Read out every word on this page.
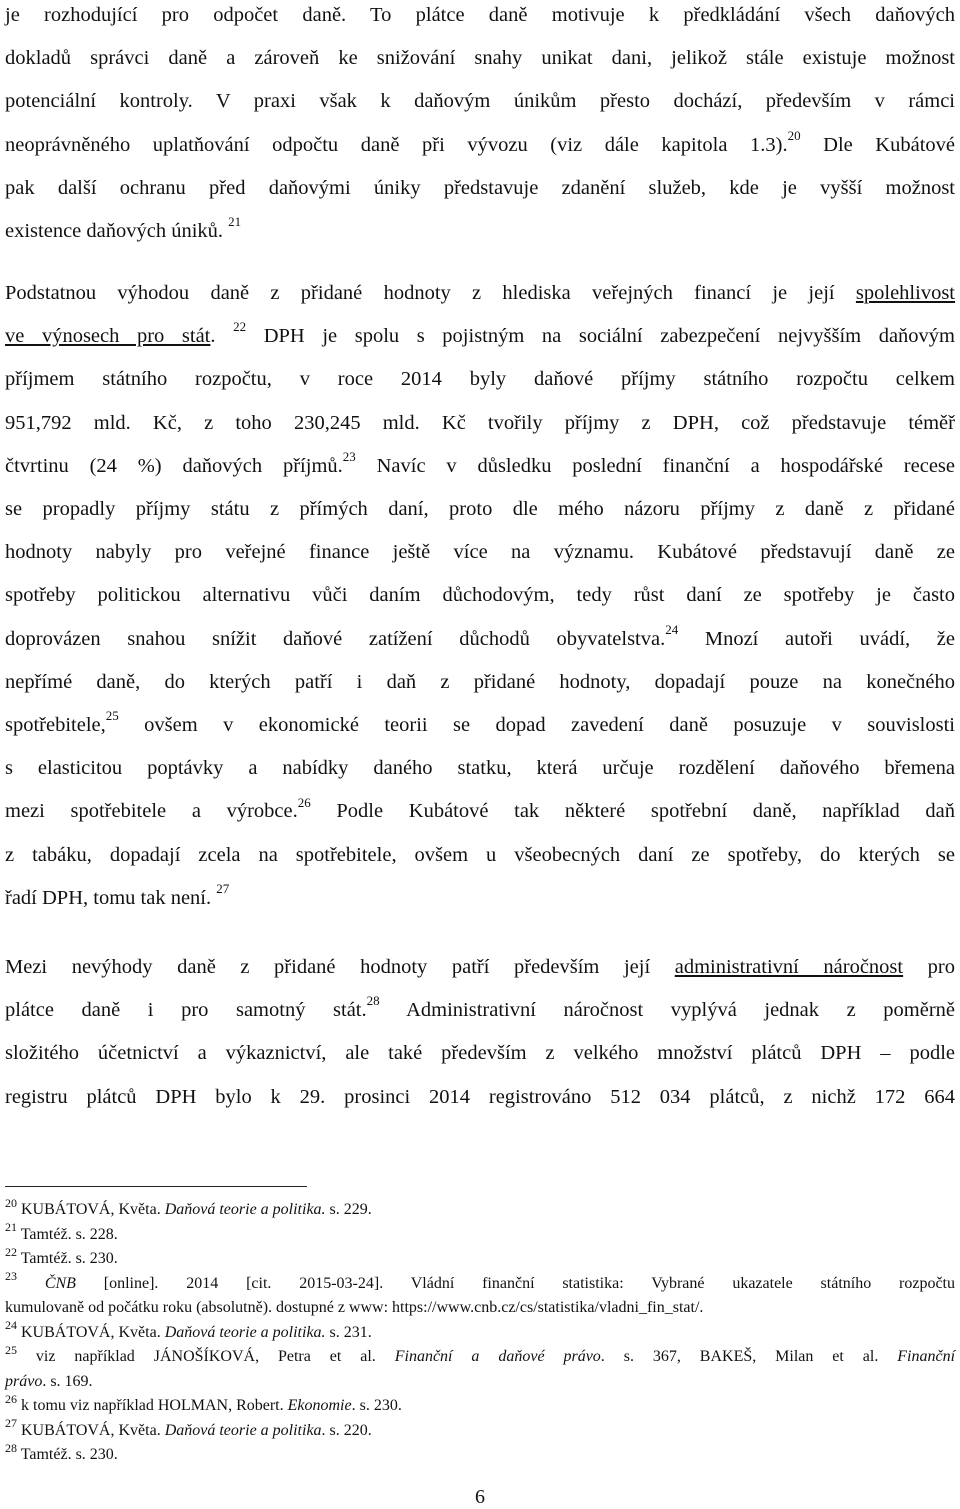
je rozhodující pro odpočet daně. To plátce daně motivuje k předkládání všech daňových
dokladů správci daně a zároveň ke snižování snahy unikat dani, jelikož stále existuje možnost
potenciální kontroly. V praxi však k daňovým únikům přesto dochází, především v rámci
neoprávněného uplatňování odpočtu daně při vývozu (viz dále kapitola 1.3).$^{20}$ Dle Kubátové
pak další ochranu před daňovými úniky představuje zdanění služeb, kde je vyšší možnost
existence daňových úniků. $^{21}$
Podstatnou výhodou daně z přidané hodnoty z hlediska veřejných financí je její spolehlivost
ve výnosech pro stát. $^{22}$ DPH je spolu s pojistným na sociální zabezpečení nejvyšším daňovým
příjmem státního rozpočtu, v roce 2014 byly daňové příjmy státního rozpočtu celkem
951,792 mld. Kč, z toho 230,245 mld. Kč tvořily příjmy z DPH, což představuje téměř
čtvrtinu (24 %) daňových příjmů.$^{23}$ Navíc v důsledku poslední finanční a hospodářské recese
se propadly příjmy státu z přímých daní, proto dle mého názoru příjmy z daně z přidané
hodnoty nabyly pro veřejné finance ještě více na významu. Kubátové představují daně ze
spotřeby politickou alternativu vůči daním důchodovým, tedy růst daní ze spotřeby je často
doprovázen snahou snížit daňové zatížení důchodů obyvatelstva.$^{24}$ Mnozí autoři uvádí, že
nepřímé daně, do kterých patří i daň z přidané hodnoty, dopadají pouze na konečného
spotřebitele,$^{25}$ ovšem v ekonomické teorii se dopad zavedení daně posuzuje v souvislosti
s elasticitou poptávky a nabídky daného statku, která určuje rozdělení daňového břemena
mezi spotřebitele a výrobce.$^{26}$ Podle Kubátové tak některé spotřební daně, například daň
z tabáku, dopadají zcela na spotřebitele, ovšem u všeobecných daní ze spotřeby, do kterých se
řadí DPH, tomu tak není. $^{27}$
Mezi nevýhody daně z přidané hodnoty patří především její administrativní náročnost pro
plátce daně i pro samotný stát.$^{28}$ Administrativní náročnost vyplývá jednak z poměrně
složitého účetnictví a výkaznictví, ale také především z velkého množství plátců DPH – podle
registru plátců DPH bylo k 29. prosinci 2014 registrováno 512 034 plátců, z nichž 172 664
$^{20}$ KUBÁTOVÁ, Květa. Daňová teorie a politika. s. 229.
$^{21}$ Tamtéž. s. 228.
$^{22}$ Tamtéž. s. 230.
$^{23}$ ČNB [online]. 2014 [cit. 2015-03-24]. Vládní finanční statistika: Vybrané ukazatele státního rozpočtu
kumulovaně od počátku roku (absolutně). dostupné z www: https://www.cnb.cz/cs/statistika/vladni_fin_stat/.
$^{24}$ KUBÁTOVÁ, Květa. Daňová teorie a politika. s. 231.
$^{25}$ viz například JÁNOŠÍKOVÁ, Petra et al. Finanční a daňové právo. s. 367, BAKEŠ, Milan et al. Finanční
právo. s. 169.
$^{26}$ k tomu viz například HOLMAN, Robert. Ekonomie. s. 230.
$^{27}$ KUBÁTOVÁ, Květa. Daňová teorie a politika. s. 220.
$^{28}$ Tamtéž. s. 230.
6
